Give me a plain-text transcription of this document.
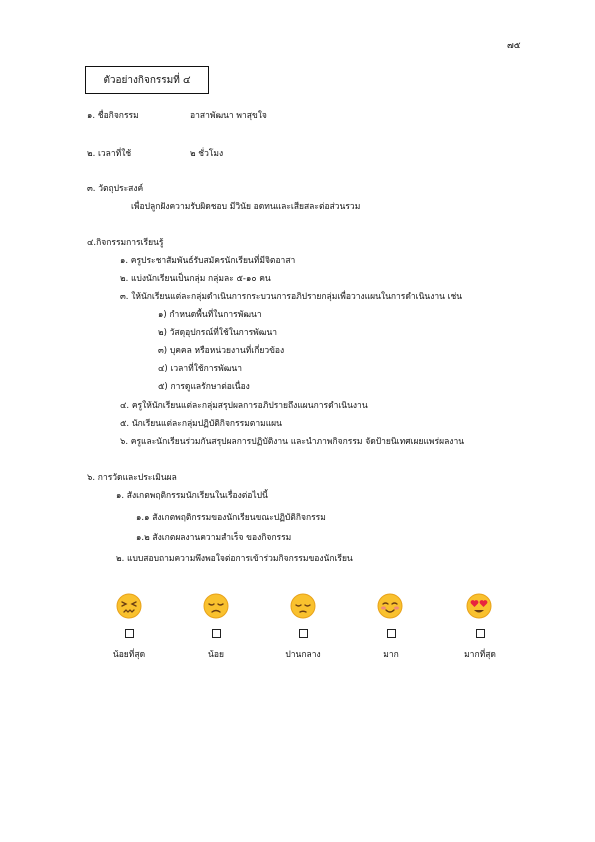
๗๕
ตัวอย่างกิจกรรมที่ ๔
๑. ชื่อกิจกรรม	อาสาพัฒนา พาสุขใจ
๒. เวลาที่ใช้	๒ ชั่วโมง
๓. วัตถุประสงค์
เพื่อปลูกฝังความรับผิดชอบ มีวินัย อดทนและเสียสละต่อส่วนรวม
๔.กิจกรรมการเรียนรู้
๑. ครูประชาสัมพันธ์รับสมัครนักเรียนที่มีจิตอาสา
๒. แบ่งนักเรียนเป็นกลุ่ม กลุ่มละ ๕-๑๐ คน
๓. ให้นักเรียนแต่ละกลุ่มดำเนินการกระบวนการอภิปรายกลุ่มเพื่อวางแผนในการดำเนินงาน เช่น
๑) กำหนดพื้นที่ในการพัฒนา
๒) วัสดุอุปกรณ์ที่ใช้ในการพัฒนา
๓) บุคคล หรือหน่วยงานที่เกี่ยวข้อง
๔) เวลาที่ใช้การพัฒนา
๕) การดูแลรักษาต่อเนื่อง
๔. ครูให้นักเรียนแต่ละกลุ่มสรุปผลการอภิปรายถึงแผนการดำเนินงาน
๕. นักเรียนแต่ละกลุ่มปฏิบัติกิจกรรมตามแผน
๖. ครูและนักเรียนร่วมกันสรุปผลการปฏิบัติงาน และนำภาพกิจกรรม จัดป้ายนิเทศเผยแพร่ผลงาน
๖. การวัดและประเมินผล
๑. สังเกตพฤติกรรมนักเรียนในเรื่องต่อไปนี้
๑.๑ สังเกตพฤติกรรมของนักเรียนขณะปฏิบัติกิจกรรม
๑.๒ สังเกตผลงานความสำเร็จ ของกิจกรรม
๒. แบบสอบถามความพึงพอใจต่อการเข้าร่วมกิจกรรมของนักเรียน
น้อยที่สุด	น้อย	ปานกลาง	มาก	มากที่สุด
